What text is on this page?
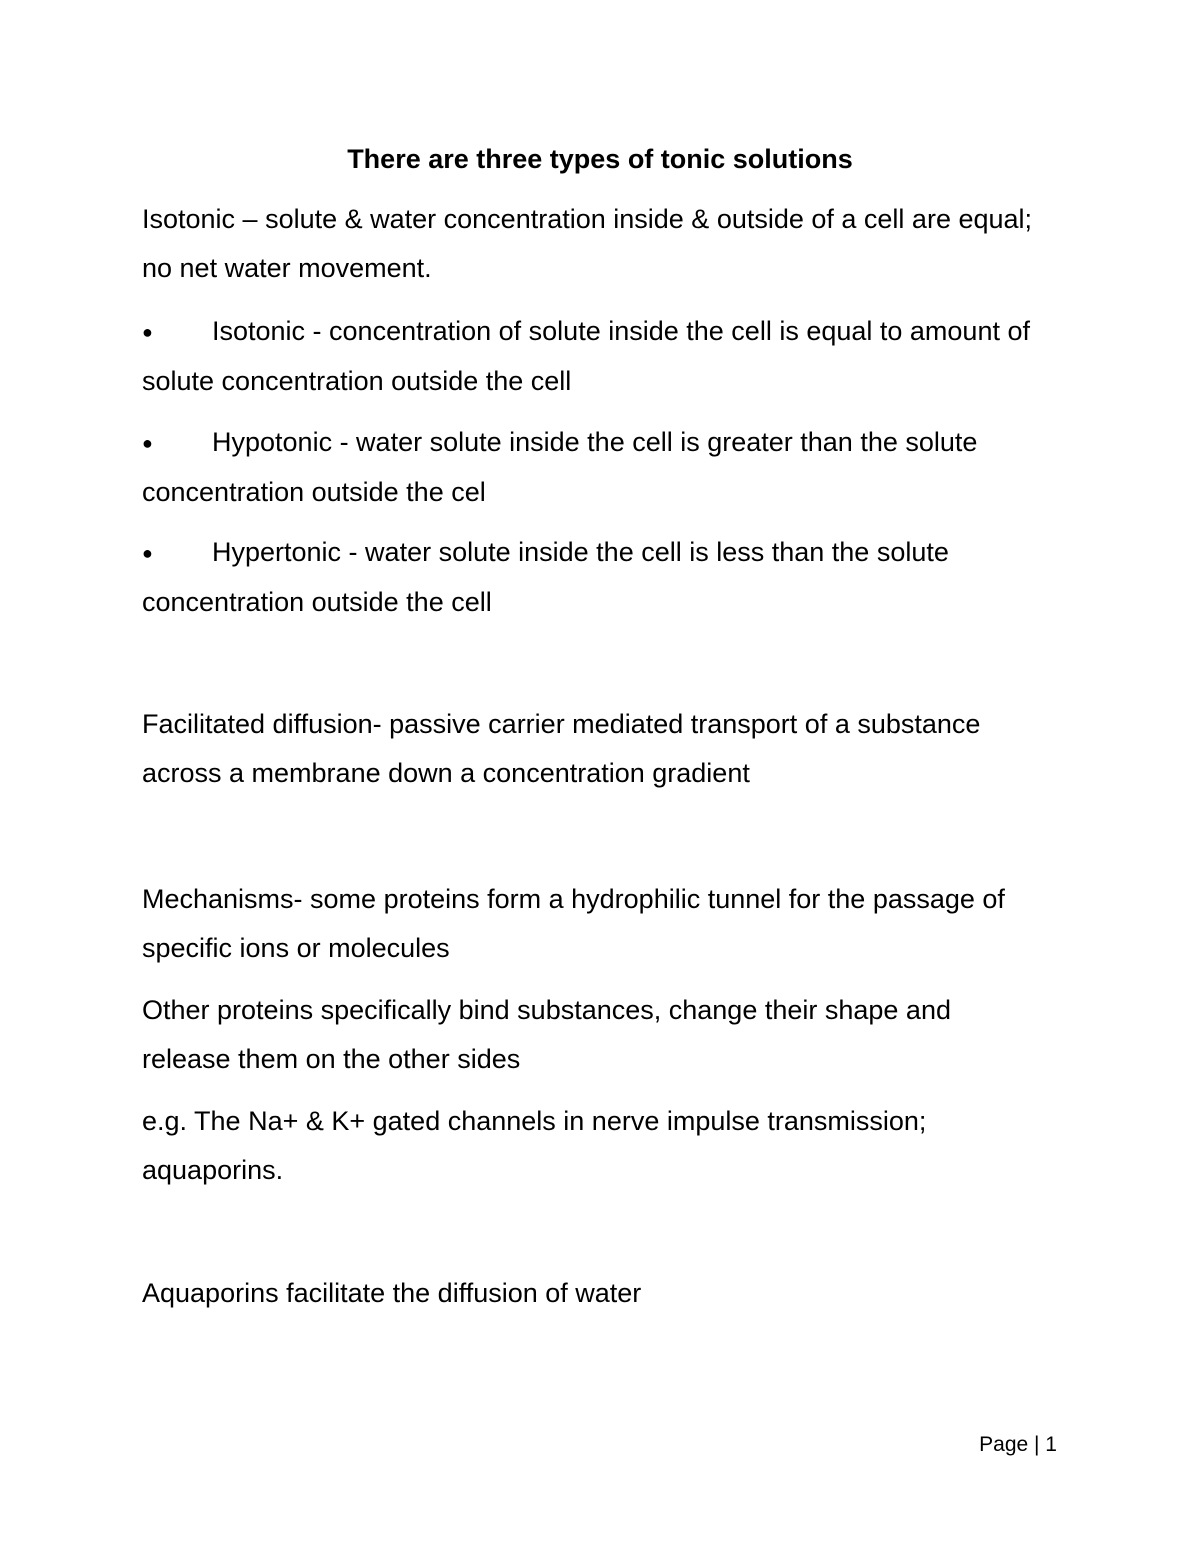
There are three types of tonic solutions

Isotonic – solute & water concentration inside & outside of a cell are equal;
no net water movement.

● Isotonic - concentration of solute inside the cell is equal to amount of
solute concentration outside the cell

● Hypotonic - water solute inside the cell is greater than the solute
concentration outside the cel

● Hypertonic - water solute inside the cell is less than the solute
concentration outside the cell

Facilitated diffusion- passive carrier mediated transport of a substance
across a membrane down a concentration gradient

Mechanisms- some proteins form a hydrophilic tunnel for the passage of
specific ions or molecules

Other proteins specifically bind substances, change their shape and
release them on the other sides

e.g. The Na+ & K+ gated channels in nerve impulse transmission;
aquaporins.

Aquaporins facilitate the diffusion of water

Page | 1
